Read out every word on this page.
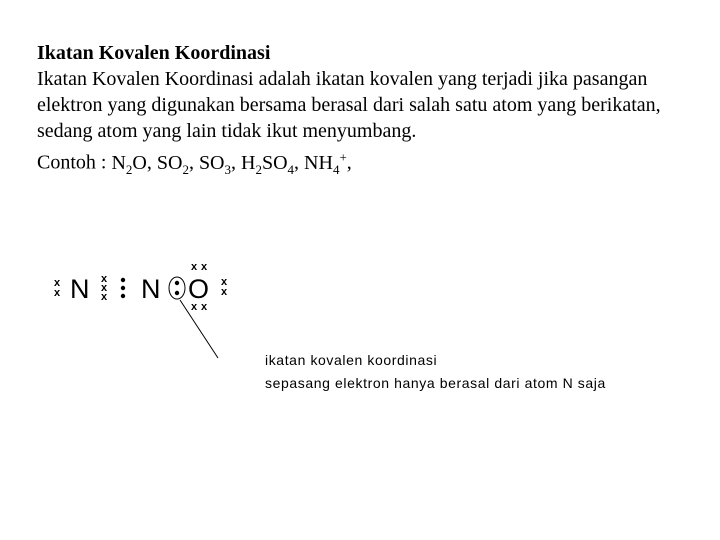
Ikatan Kovalen Koordinasi
Ikatan Kovalen Koordinasi adalah ikatan kovalen yang terjadi jika pasangan elektron yang digunakan bersama berasal dari salah satu atom yang berikatan, sedang atom yang lain tidak ikut menyumbang.
Contoh : $N_2O$, $SO_2$, $SO_3$, $H_2SO_4$, $NH_4^+$,
x
x N x
x
x N O
x x
x x
x
x
ikatan kovalen koordinasi
sepasang elektron hanya berasal dari atom N saja
